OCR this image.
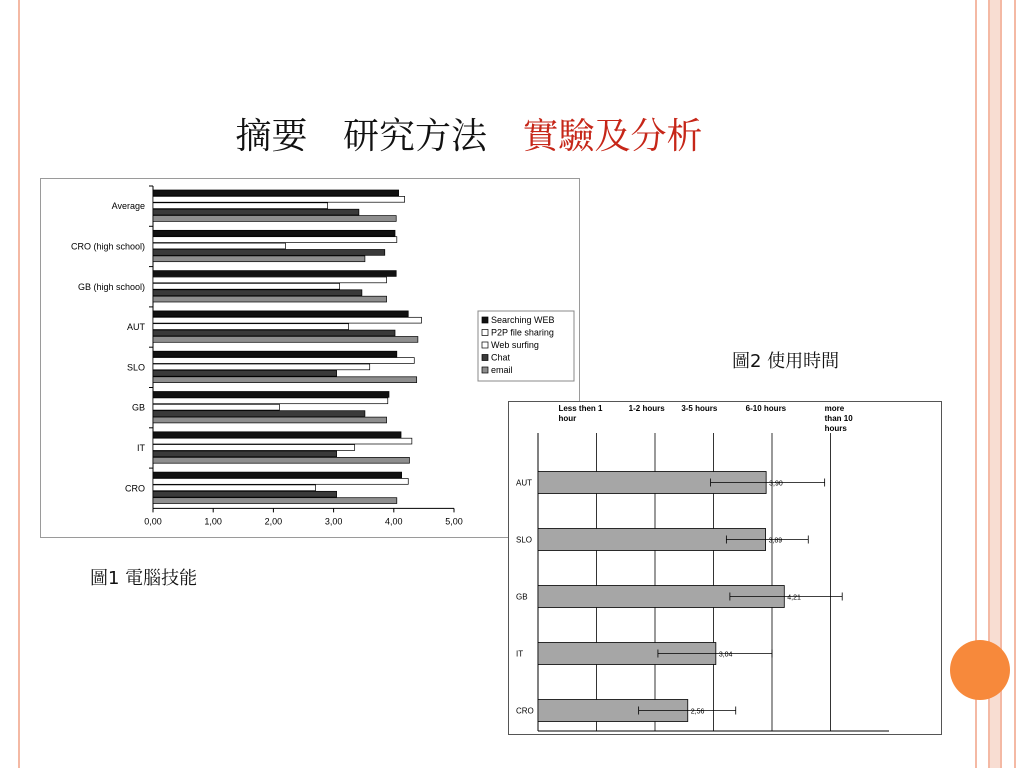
摘要 研究方法 實驗及分析
Average
CRO (high school)
GB (high school)
AUT
SLO
GB
IT
CRO
0,00	1,00	2,00	3,00	4,00	5,00
Searching WEB
P2P file sharing
Web surfing
Chat
email
圖1 電腦技能
圖2 使用時間
Less then 1 hour
1-2 hours 3-5 hours	6-10 hours	more than 10 hours
AUT	3,90
SLO	3,89
GB	4,21
IT	3,04
CRO	2,56
